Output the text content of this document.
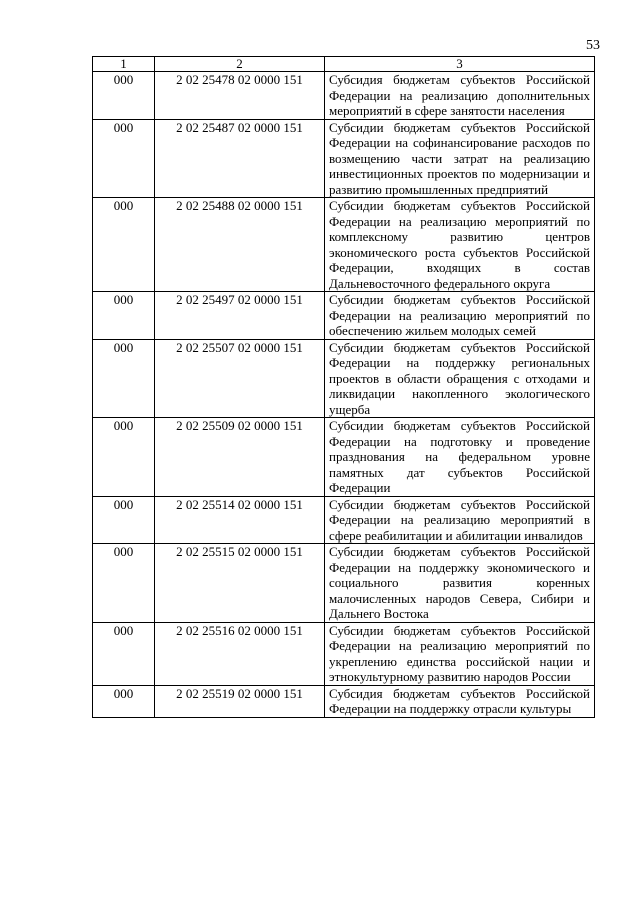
53
1	2	3
000	2 02 25478 02 0000 151	Субсидия бюджетам субъектов Российской Федерации на реализацию дополнительных мероприятий в сфере занятости населения
000	2 02 25487 02 0000 151	Субсидии бюджетам субъектов Российской Федерации на софинансирование расходов по возмещению части затрат на реализацию инвестиционных проектов по модернизации и развитию промышленных предприятий
000	2 02 25488 02 0000 151	Субсидии бюджетам субъектов Российской Федерации на реализацию мероприятий по комплексному развитию центров экономического роста субъектов Российской Федерации, входящих в состав Дальневосточного федерального округа
000	2 02 25497 02 0000 151	Субсидии бюджетам субъектов Российской Федерации на реализацию мероприятий по обеспечению жильем молодых семей
000	2 02 25507 02 0000 151	Субсидии бюджетам субъектов Российской Федерации на поддержку региональных проектов в области обращения с отходами и ликвидации накопленного экологического ущерба
000	2 02 25509 02 0000 151	Субсидии бюджетам субъектов Российской Федерации на подготовку и проведение празднования на федеральном уровне памятных дат субъектов Российской Федерации
000	2 02 25514 02 0000 151	Субсидии бюджетам субъектов Российской Федерации на реализацию мероприятий в сфере реабилитации и абилитации инвалидов
000	2 02 25515 02 0000 151	Субсидии бюджетам субъектов Российской Федерации на поддержку экономического и социального развития коренных малочисленных народов Севера, Сибири и Дальнего Востока
000	2 02 25516 02 0000 151	Субсидии бюджетам субъектов Российской Федерации на реализацию мероприятий по укреплению единства российской нации и этнокультурному развитию народов России
000	2 02 25519 02 0000 151	Субсидия бюджетам субъектов Российской Федерации на поддержку отрасли культуры
